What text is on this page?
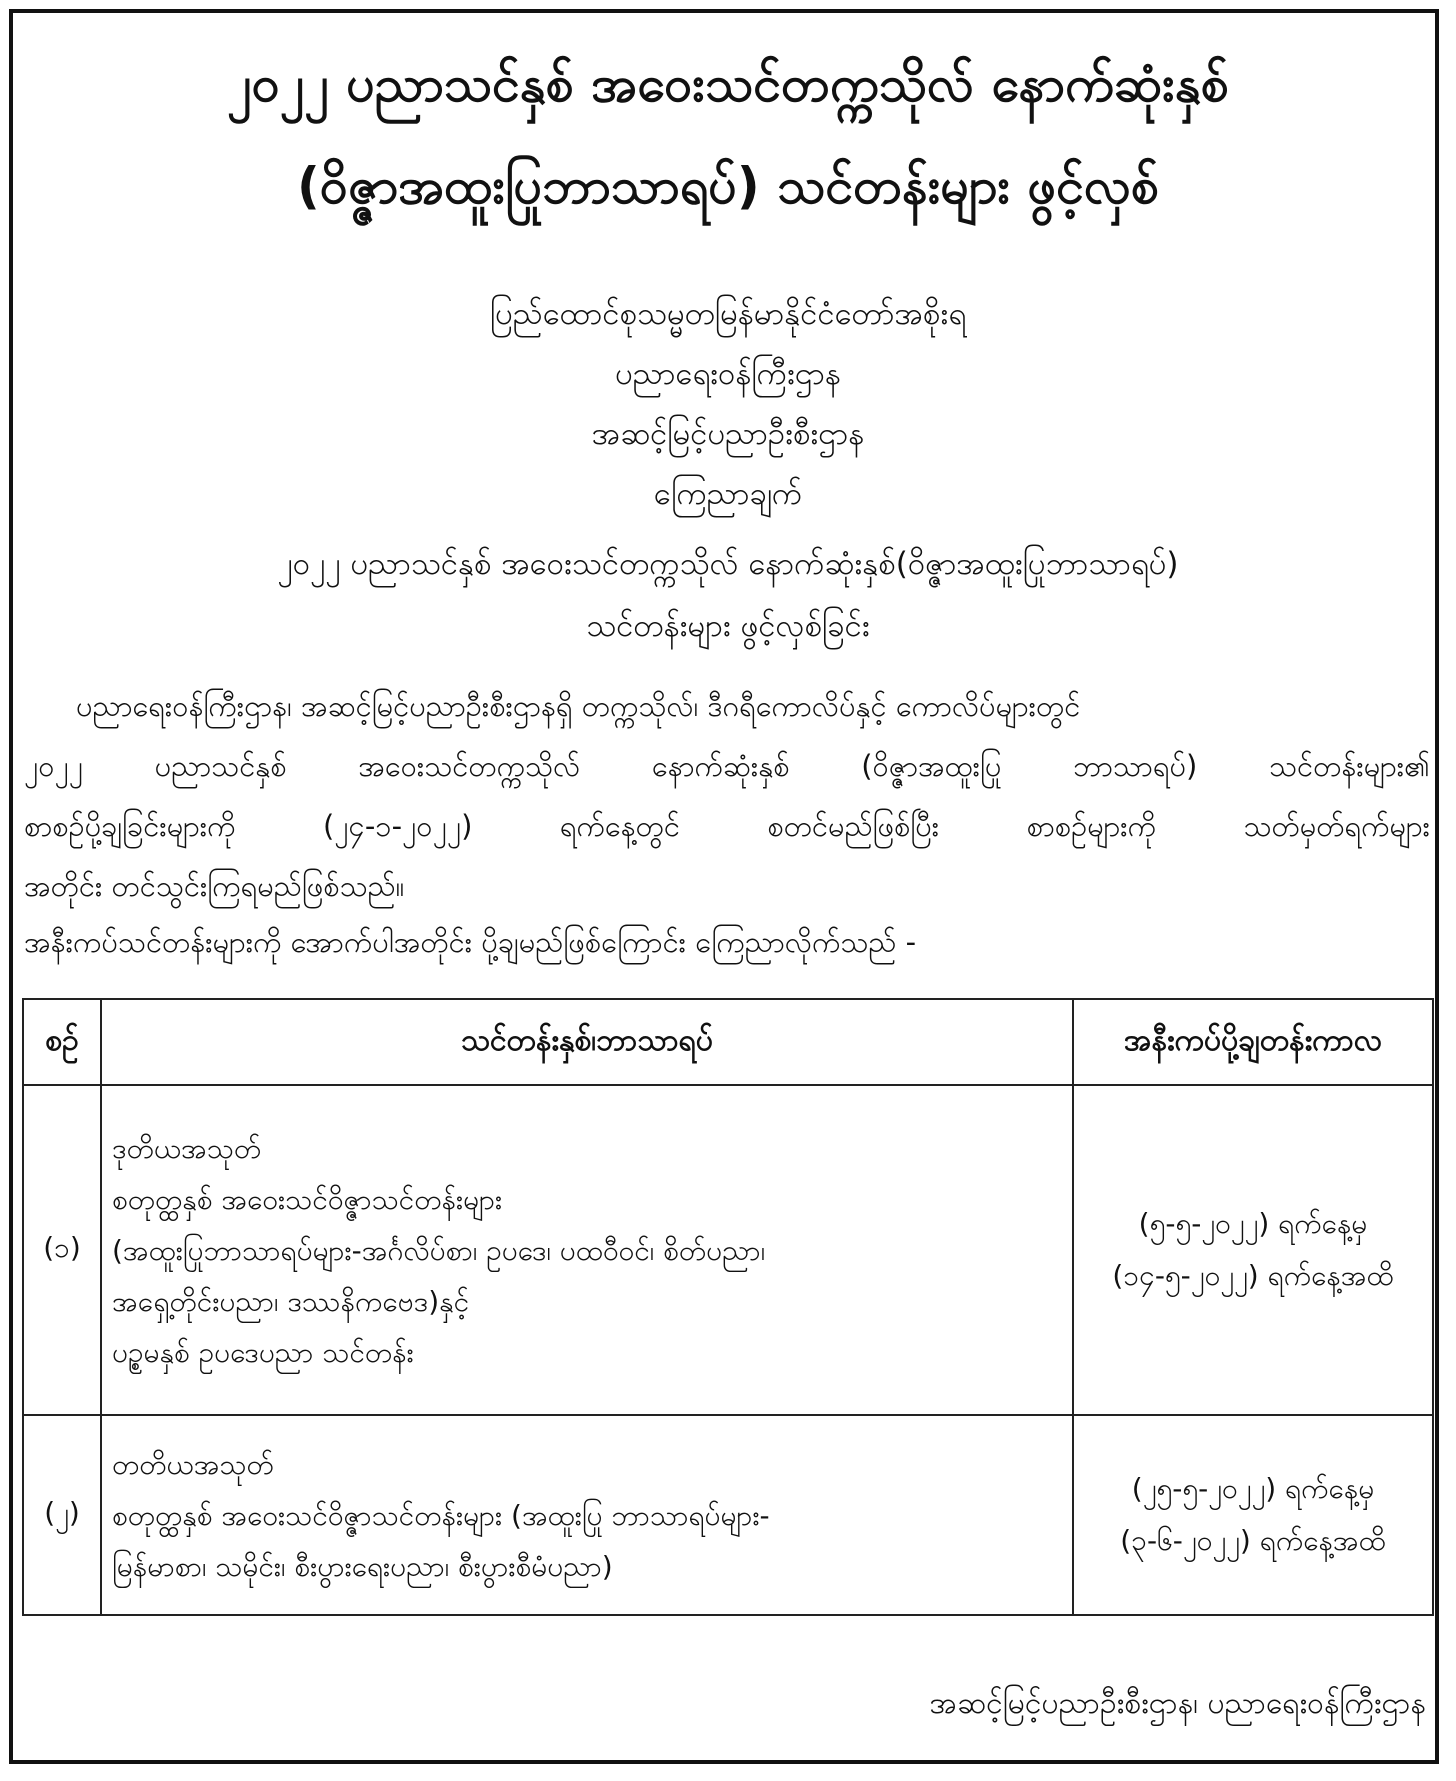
၂၀၂၂ ပညာသင်နှစ် အဝေးသင်တက္ကသိုလ် နောက်ဆုံးနှစ်
(ဝိဇ္ဇာအထူးပြုဘာသာရပ်) သင်တန်းများ ဖွင့်လှစ်
ပြည်ထောင်စုသမ္မတမြန်မာနိုင်ငံတော်အစိုးရ
ပညာရေးဝန်ကြီးဌာန
အဆင့်မြင့်ပညာဦးစီးဌာန
ကြေညာချက်
၂၀၂၂ ပညာသင်နှစ် အဝေးသင်တက္ကသိုလ် နောက်ဆုံးနှစ်(ဝိဇ္ဇာအထူးပြုဘာသာရပ်)
သင်တန်းများ ဖွင့်လှစ်ခြင်း
ပညာရေးဝန်ကြီးဌာန၊ အဆင့်မြင့်ပညာဦးစီးဌာနရှိ တက္ကသိုလ်၊ ဒီဂရီကောလိပ်နှင့် ကောလိပ်များတွင်
၂၀၂၂ ပညာသင်နှစ် အဝေးသင်တက္ကသိုလ် နောက်ဆုံးနှစ် (ဝိဇ္ဇာအထူးပြု ဘာသာရပ်) သင်တန်းများ၏
စာစဉ်ပို့ချခြင်းများကို (၂၄-၁-၂၀၂၂) ရက်နေ့တွင် စတင်မည်ဖြစ်ပြီး စာစဉ်များကို သတ်မှတ်ရက်များ
အတိုင်း တင်သွင်းကြရမည်ဖြစ်သည်။
အနီးကပ်သင်တန်းများကို အောက်ပါအတိုင်း ပို့ချမည်ဖြစ်ကြောင်း ကြေညာလိုက်သည် -
စဉ်	သင်တန်းနှစ်၊ဘာသာရပ်	အနီးကပ်ပို့ချတန်းကာလ
(၁)	ဒုတိယအသုတ်
စတုတ္ထနှစ် အဝေးသင်ဝိဇ္ဇာသင်တန်းများ
(အထူးပြုဘာသာရပ်များ-အင်္ဂလိပ်စာ၊ ဥပဒေ၊ ပထဝီဝင်၊ စိတ်ပညာ၊
အရှေ့တိုင်းပညာ၊ ဒဿနိကဗေဒ)နှင့်
ပဉ္စမနှစ် ဥပဒေပညာ သင်တန်း	(၅-၅-၂၀၂၂) ရက်နေ့မှ
(၁၄-၅-၂၀၂၂) ရက်နေ့အထိ

(၂)	တတိယအသုတ်
စတုတ္ထနှစ် အဝေးသင်ဝိဇ္ဇာသင်တန်းများ (အထူးပြု ဘာသာရပ်များ-
မြန်မာစာ၊ သမိုင်း၊ စီးပွားရေးပညာ၊ စီးပွားစီမံပညာ)	(၂၅-၅-၂၀၂၂) ရက်နေ့မှ
(၃-၆-၂၀၂၂) ရက်နေ့အထိ
အဆင့်မြင့်ပညာဦးစီးဌာန၊ ပညာရေးဝန်ကြီးဌာန
